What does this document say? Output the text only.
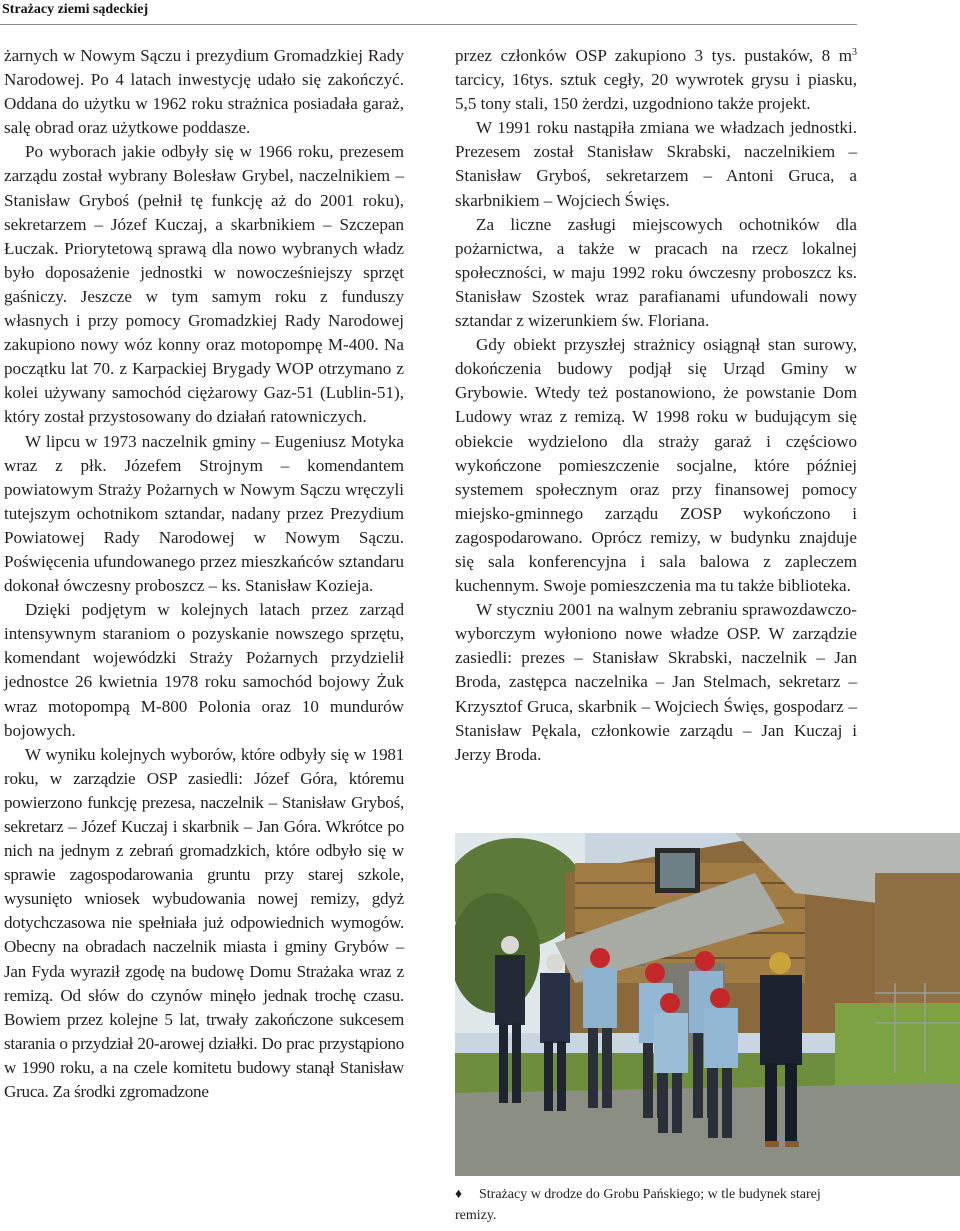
Strażacy ziemi sądeckiej

żarnych w Nowym Sączu i prezydium Gromadzkiej Rady Narodowej. Po 4 latach inwestycję udało się zakończyć. Oddana do użytku w 1962 roku strażnica posiadała garaż, salę obrad oraz użytkowe poddasze.

Po wyborach jakie odbyły się w 1966 roku, prezesem zarządu został wybrany Bolesław Grybel, naczelnikiem – Stanisław Gryboś (pełnił tę funkcję aż do 2001 roku), sekretarzem – Józef Kuczaj, a skarbnikiem – Szczepan Łuczak. Priorytetową sprawą dla nowo wybranych władz było doposażenie jednostki w nowocześniejszy sprzęt gaśniczy. Jeszcze w tym samym roku z funduszy własnych i przy pomocy Gromadzkiej Rady Narodowej zakupiono nowy wóz konny oraz motopompę M-400. Na początku lat 70. z Karpackiej Brygady WOP otrzymano z kolei używany samochód ciężarowy Gaz-51 (Lublin-51), który został przystosowany do działań ratowniczych.

W lipcu w 1973 naczelnik gminy – Eugeniusz Motyka wraz z płk. Józefem Strojnym – komendantem powiatowym Straży Pożarnych w Nowym Sączu wręczyli tutejszym ochotnikom sztandar, nadany przez Prezydium Powiatowej Rady Narodowej w Nowym Sączu. Poświęcenia ufundowanego przez mieszkańców sztandaru dokonał ówczesny proboszcz – ks. Stanisław Kozieja.

Dzięki podjętym w kolejnych latach przez zarząd intensywnym staraniom o pozyskanie nowszego sprzętu, komendant wojewódzki Straży Pożarnych przydzielił jednostce 26 kwietnia 1978 roku samochód bojowy Żuk wraz motopompą M-800 Polonia oraz 10 mundurów bojowych.

W wyniku kolejnych wyborów, które odbyły się w 1981 roku, w zarządzie OSP zasiedli: Józef Góra, któremu powierzono funkcję prezesa, naczelnik – Stanisław Gryboś, sekretarz – Józef Kuczaj i skarbnik – Jan Góra. Wkrótce po nich na jednym z zebrań gromadzkich, które odbyło się w sprawie zagospodarowania gruntu przy starej szkole, wysunięto wniosek wybudowania nowej remizy, gdyż dotychczasowa nie spełniała już odpowiednich wymogów. Obecny na obradach naczelnik miasta i gminy Grybów – Jan Fyda wyraził zgodę na budowę Domu Strażaka wraz z remizą. Od słów do czynów minęło jednak trochę czasu. Bowiem przez kolejne 5 lat, trwały zakończone sukcesem starania o przydział 20-arowej działki. Do prac przystąpiono w 1990 roku, a na czele komitetu budowy stanął Stanisław Gruca. Za środki zgromadzone

przez członków OSP zakupiono 3 tys. pustaków, 8 $m^3$ tarcicy, 16tys. sztuk cegły, 20 wywrotek grysu i piasku, 5,5 tony stali, 150 żerdzi, uzgodniono także projekt.

W 1991 roku nastąpiła zmiana we władzach jednostki. Prezesem został Stanisław Skrabski, naczelnikiem – Stanisław Gryboś, sekretarzem – Antoni Gruca, a skarbnikiem – Wojciech Święs.

Za liczne zasługi miejscowych ochotników dla pożarnictwa, a także w pracach na rzecz lokalnej społeczności, w maju 1992 roku ówczesny proboszcz ks. Stanisław Szostek wraz parafianami ufundowali nowy sztandar z wizerunkiem św. Floriana.

Gdy obiekt przyszłej strażnicy osiągnął stan surowy, dokończenia budowy podjął się Urząd Gminy w Grybowie. Wtedy też postanowiono, że powstanie Dom Ludowy wraz z remizą. W 1998 roku w budującym się obiekcie wydzielono dla straży garaż i częściowo wykończone pomieszczenie socjalne, które później systemem społecznym oraz przy finansowej pomocy miejsko-gminnego zarządu ZOSP wykończono i zagospodarowano. Oprócz remizy, w budynku znajduje się sala konferencyjna i sala balowa z zapleczem kuchennym. Swoje pomieszczenia ma tu także biblioteka.

W styczniu 2001 na walnym zebraniu sprawozdawczo-wyborczym wyłoniono nowe władze OSP. W zarządzie zasiedli: prezes – Stanisław Skrabski, naczelnik – Jan Broda, zastępca naczelnika – Jan Stelmach, sekretarz – Krzysztof Gruca, skarbnik – Wojciech Święs, gospodarz – Stanisław Pękala, członkowie zarządu – Jan Kuczaj i Jerzy Broda.

♦ Strażacy w drodze do Grobu Pańskiego; w tle budynek starej remizy.
